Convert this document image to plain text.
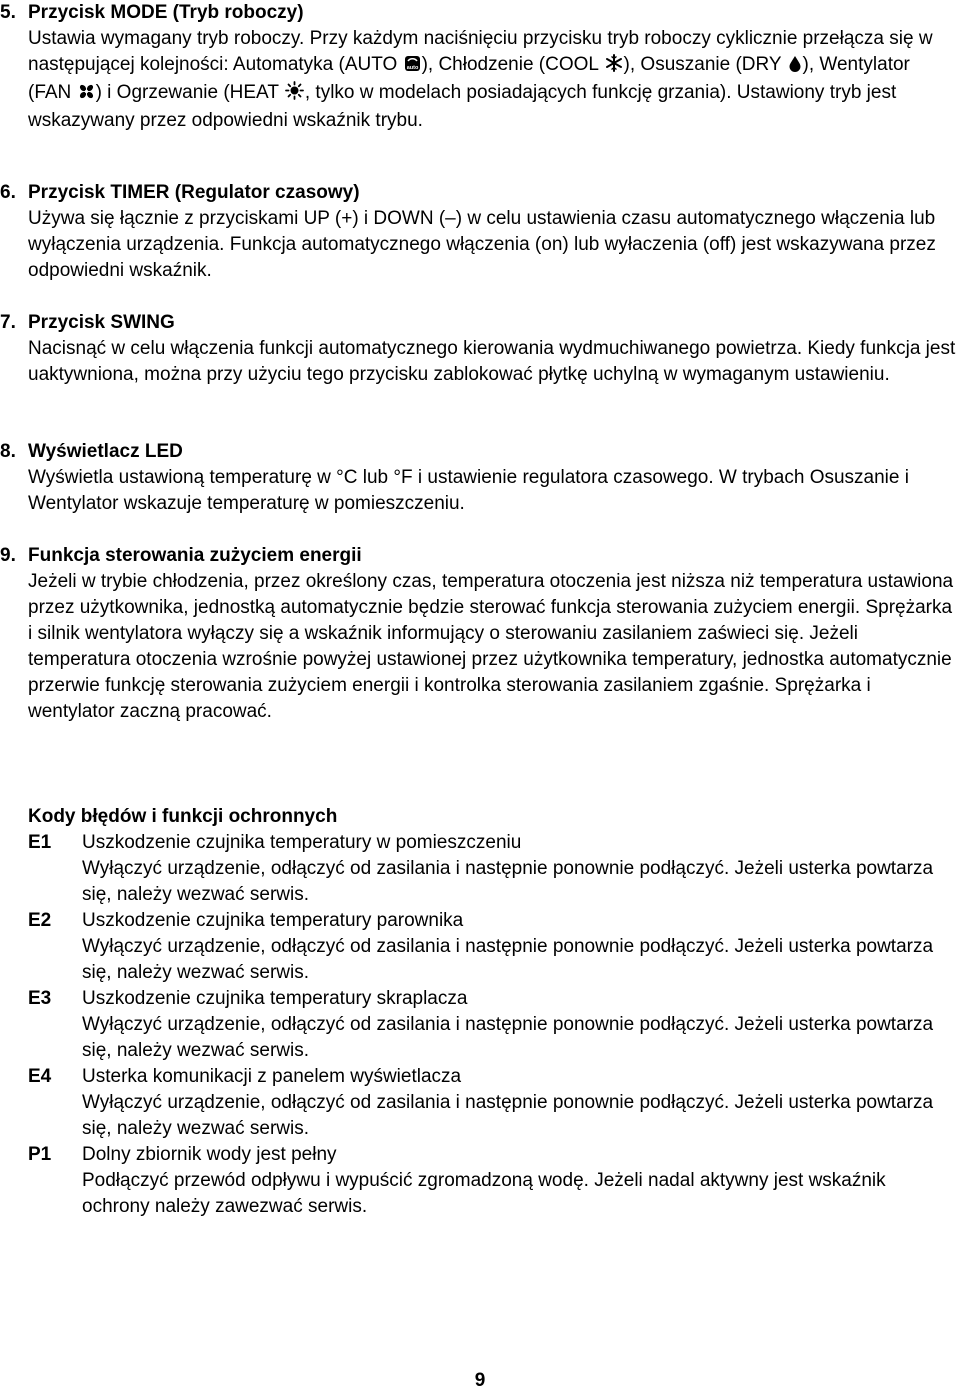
5. Przycisk MODE (Tryb roboczy)
Ustawia wymagany tryb roboczy. Przy każdym naciśnięciu przycisku tryb roboczy cyklicznie przełącza się w następującej kolejności: Automatyka (AUTO auto ), Chłodzenie (COOL ), Osuszanie (DRY ), Wentylator (FAN ) i Ogrzewanie (HEAT , tylko w modelach posiadających funkcję grzania). Ustawiony tryb jest wskazywany przez odpowiedni wskaźnik trybu.
6. Przycisk TIMER (Regulator czasowy)
Używa się łącznie z przyciskami UP (+) i DOWN (–) w celu ustawienia czasu automatycznego włączenia lub wyłączenia urządzenia. Funkcja automatycznego włączenia (on) lub wyłaczenia (off) jest wskazywana przez odpowiedni wskaźnik.
7. Przycisk SWING
Nacisnąć w celu włączenia funkcji automatycznego kierowania wydmuchiwanego powietrza. Kiedy funkcja jest uaktywniona, można przy użyciu tego przycisku zablokować płytkę uchylną w wymaganym ustawieniu.
8. Wyświetlacz LED
Wyświetla ustawioną temperaturę w °C lub °F i ustawienie regulatora czasowego. W trybach Osuszanie i Wentylator wskazuje temperaturę w pomieszczeniu.
9. Funkcja sterowania zużyciem energii
Jeżeli w trybie chłodzenia, przez określony czas, temperatura otoczenia jest niższa niż temperatura ustawiona przez użytkownika, jednostką automatycznie będzie sterować funkcja sterowania zużyciem energii. Sprężarka i silnik wentylatora wyłączy się a wskaźnik informujący o sterowaniu zasilaniem zaświeci się. Jeżeli temperatura otoczenia wzrośnie powyżej ustawionej przez użytkownika temperatury, jednostka automatycznie przerwie funkcję sterowania zużyciem energii i kontrolka sterowania zasilaniem zgaśnie. Sprężarka i wentylator zaczną pracować.
Kody błędów i funkcji ochronnych
E1 Uszkodzenie czujnika temperatury w pomieszczeniu
Wyłączyć urządzenie, odłączyć od zasilania i następnie ponownie podłączyć. Jeżeli usterka powtarza się, należy wezwać serwis.
E2 Uszkodzenie czujnika temperatury parownika
Wyłączyć urządzenie, odłączyć od zasilania i następnie ponownie podłączyć. Jeżeli usterka powtarza się, należy wezwać serwis.
E3 Uszkodzenie czujnika temperatury skraplacza
Wyłączyć urządzenie, odłączyć od zasilania i następnie ponownie podłączyć. Jeżeli usterka powtarza się, należy wezwać serwis.
E4 Usterka komunikacji z panelem wyświetlacza
Wyłączyć urządzenie, odłączyć od zasilania i następnie ponownie podłączyć. Jeżeli usterka powtarza się, należy wezwać serwis.
P1 Dolny zbiornik wody jest pełny
Podłączyć przewód odpływu i wypuścić zgromadzoną wodę. Jeżeli nadal aktywny jest wskaźnik ochrony należy zawezwać serwis.
9
